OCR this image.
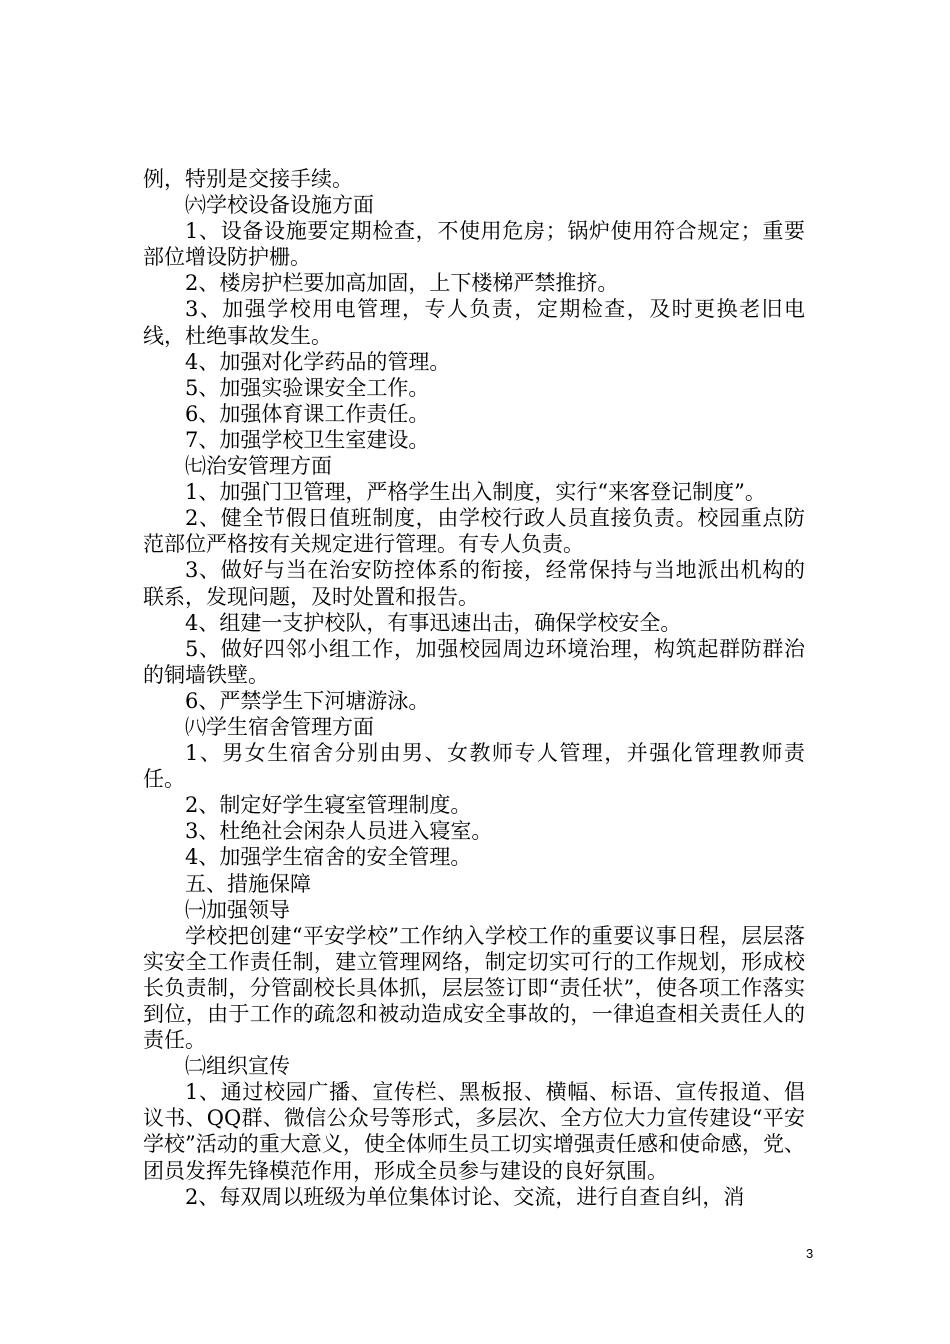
例，特别是交接手续。

㈥学校设备设施方面

1、设备设施要定期检查，不使用危房；锅炉使用符合规定；重要部位增设防护栅。

2、楼房护栏要加高加固，上下楼梯严禁推挤。

3、加强学校用电管理，专人负责，定期检查，及时更换老旧电线，杜绝事故发生。

4、加强对化学药品的管理。

5、加强实验课安全工作。

6、加强体育课工作责任。

7、加强学校卫生室建设。

㈦治安管理方面

1、加强门卫管理，严格学生出入制度，实行“来客登记制度”。

2、健全节假日值班制度，由学校行政人员直接负责。校园重点防范部位严格按有关规定进行管理。有专人负责。

3、做好与当在治安防控体系的衔接，经常保持与当地派出机构的联系，发现问题，及时处置和报告。

4、组建一支护校队，有事迅速出击，确保学校安全。

5、做好四邻小组工作，加强校园周边环境治理，构筑起群防群治的铜墙铁壁。

6、严禁学生下河塘游泳。

㈧学生宿舍管理方面

1、男女生宿舍分别由男、女教师专人管理，并强化管理教师责任。

2、制定好学生寝室管理制度。

3、杜绝社会闲杂人员进入寝室。

4、加强学生宿舍的安全管理。

五、措施保障

㈠加强领导

学校把创建“平安学校”工作纳入学校工作的重要议事日程，层层落实安全工作责任制，建立管理网络，制定切实可行的工作规划，形成校长负责制，分管副校长具体抓，层层签订即“责任状”，使各项工作落实到位，由于工作的疏忽和被动造成安全事故的，一律追查相关责任人的责任。

㈡组织宣传

1、通过校园广播、宣传栏、黑板报、横幅、标语、宣传报道、倡议书、QQ群、微信公众号等形式，多层次、全方位大力宣传建设“平安学校”活动的重大意义，使全体师生员工切实增强责任感和使命感，党、团员发挥先锋模范作用，形成全员参与建设的良好氛围。

2、每双周以班级为单位集体讨论、交流，进行自查自纠，消

3
